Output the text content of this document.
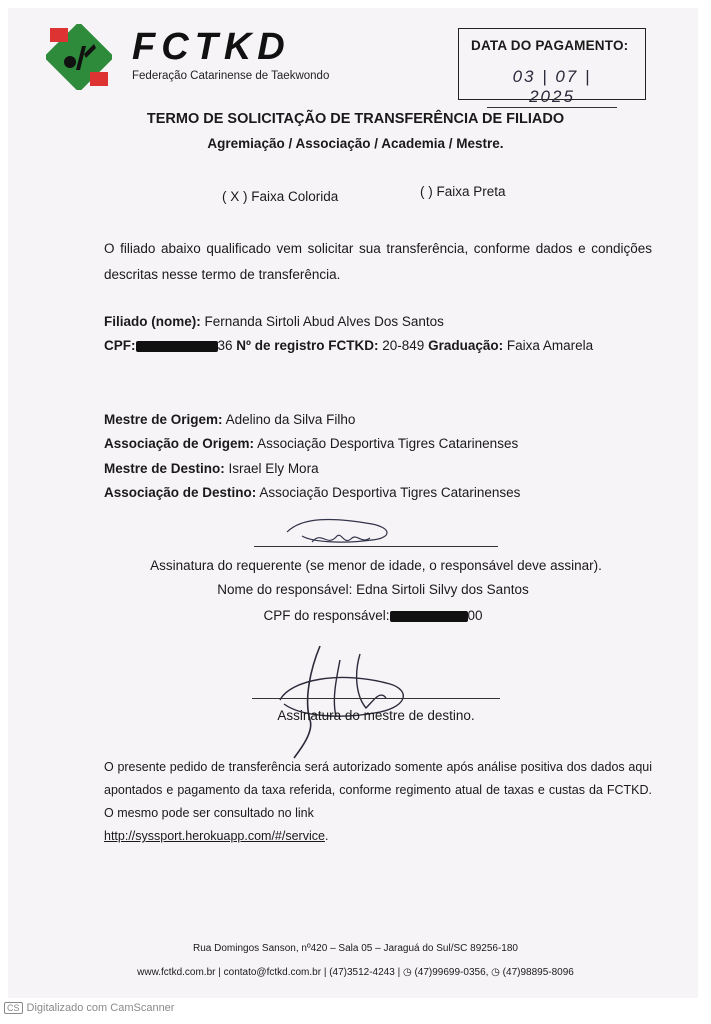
FCTKD
Federação Catarinense de Taekwondo
DATA DO PAGAMENTO:
03 | 07 | 2025
TERMO DE SOLICITAÇÃO DE TRANSFERÊNCIA DE FILIADO
Agremiação / Associação / Academia / Mestre.
( X ) Faixa Colorida	( ) Faixa Preta
O filiado abaixo qualificado vem solicitar sua transferência, conforme dados e condições descritas nesse termo de transferência.
Filiado (nome): Fernanda Sirtoli Abud Alves Dos Santos
CPF:	36 Nº de registro FCTKD: 20-849 Graduação: Faixa Amarela
Mestre de Origem: Adelino da Silva Filho
Associação de Origem: Associação Desportiva Tigres Catarinenses
Mestre de Destino: Israel Ely Mora
Associação de Destino: Associação Desportiva Tigres Catarinenses
Assinatura do requerente (se menor de idade, o responsável deve assinar).
Nome do responsável: Edna Sirtoli Silvy dos Santos
CPF do responsável:	00
Assinatura do mestre de destino.
O presente pedido de transferência será autorizado somente após análise positiva dos dados aqui apontados e pagamento da taxa referida, conforme regimento atual de taxas e custas da FCTKD. O mesmo pode ser consultado no link
http://syssport.herokuapp.com/#/service.
Rua Domingos Sanson, nº420 – Sala 05 – Jaraguá do Sul/SC 89256-180
www.fctkd.com.br | contato@fctkd.com.br | (47)3512-4243 | ◷ (47)99699-0356, ◷ (47)98895-8096
CS Digitalizado com CamScanner
